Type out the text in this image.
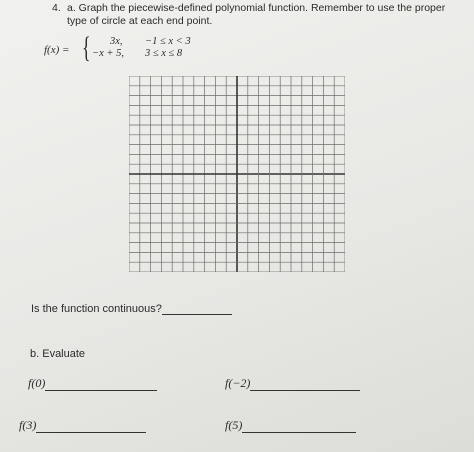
4. a. Graph the piecewise-defined polynomial function. Remember to use the proper type of circle at each end point.
f(x) = { 3x, −1 ≤ x < 3
−x + 5, 3 ≤ x ≤ 8
Is the function continuous?
b. Evaluate
f(0)	f(−2)
f(3)	f(5)
